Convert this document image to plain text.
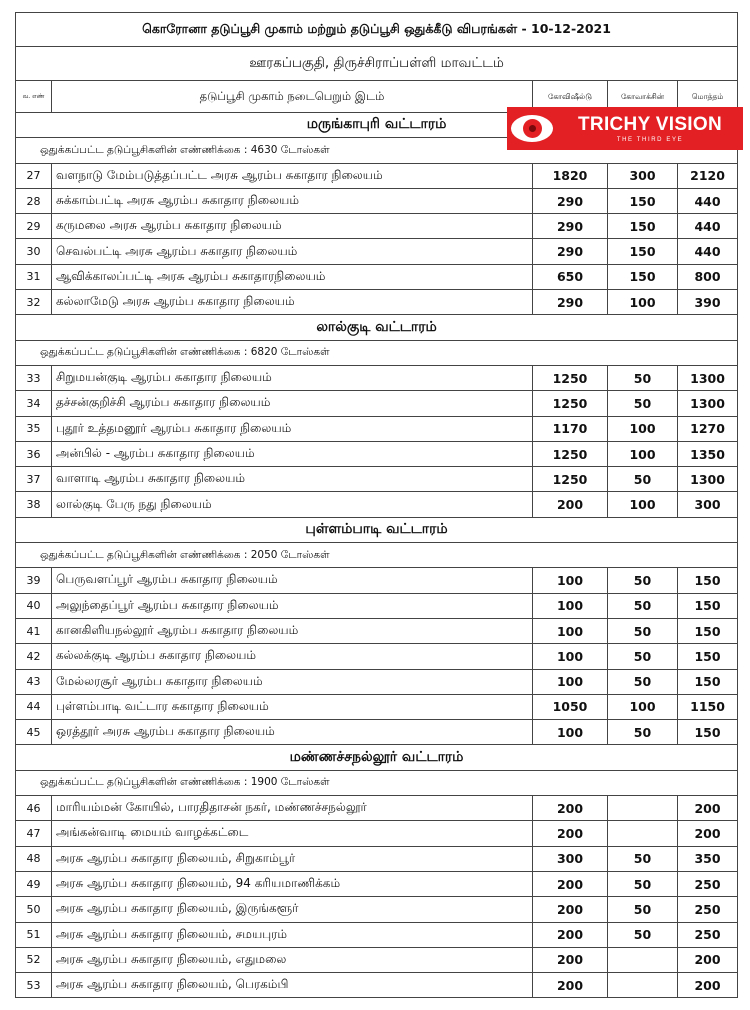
கொரோனா தடுப்பூசி முகாம் மற்றும் தடுப்பூசி ஒதுக்கீடு விபரங்கள் - 10-12-2021				
ஊரகப்பகுதி, திருச்சிராப்பள்ளி மாவட்டம்				
வ. எண்	தடுப்பூசி முகாம் நடைபெறும் இடம்	கோவிஷீல்டு	கோவாக்சின்	மொத்தம்
மருங்காபுரி வட்டாரம்				
ஒதுக்கப்பட்ட தடுப்பூசிகளின் எண்ணிக்கை : 4630 டோஸ்கள்				
27	வளநாடு மேம்படுத்தப்பட்ட அரசு ஆரம்ப சுகாதார நிலையம்	1820	300	2120
28	சுக்காம்பட்டி அரசு ஆரம்ப சுகாதார நிலையம்	290	150	440
29	கருமலை அரசு ஆரம்ப சுகாதார நிலையம்	290	150	440
30	செவல்பட்டி அரசு ஆரம்ப சுகாதார நிலையம்	290	150	440
31	ஆவிக்காலப்பட்டி அரசு ஆரம்ப சுகாதாரநிலையம்	650	150	800
32	கல்லாமேடு அரசு ஆரம்ப சுகாதார நிலையம்	290	100	390
லால்குடி வட்டாரம்				
ஒதுக்கப்பட்ட தடுப்பூசிகளின் எண்ணிக்கை : 6820 டோஸ்கள்				
33	சிறுமயன்குடி ஆரம்ப சுகாதார நிலையம்	1250	50	1300
34	தச்சன்குறிச்சி ஆரம்ப சுகாதார நிலையம்	1250	50	1300
35	புதூர் உத்தமனூர் ஆரம்ப சுகாதார நிலையம்	1170	100	1270
36	அன்பில் - ஆரம்ப சுகாதார நிலையம்	1250	100	1350
37	வாளாடி ஆரம்ப சுகாதார நிலையம்	1250	50	1300
38	லால்குடி பேரு நது நிலையம்	200	100	300
புள்ளம்பாடி வட்டாரம்				
ஒதுக்கப்பட்ட தடுப்பூசிகளின் எண்ணிக்கை : 2050 டோஸ்கள்				
39	பெருவளப்பூர் ஆரம்ப சுகாதார நிலையம்	100	50	150
40	அலுந்தைப்பூர் ஆரம்ப சுகாதார நிலையம்	100	50	150
41	கானகிளியநல்லூர் ஆரம்ப சுகாதார நிலையம்	100	50	150
42	கல்லக்குடி ஆரம்ப சுகாதார நிலையம்	100	50	150
43	மேல்லரசூர் ஆரம்ப சுகாதார நிலையம்	100	50	150
44	புள்ளம்பாடி வட்டார சுகாதார நிலையம்	1050	100	1150
45	ஒரத்தூர் அரசு ஆரம்ப சுகாதார நிலையம்	100	50	150
மண்ணச்சநல்லூர் வட்டாரம்				
ஒதுக்கப்பட்ட தடுப்பூசிகளின் எண்ணிக்கை : 1900 டோஸ்கள்				
46	மாரியம்மன் கோயில், பாரதிதாசன் நகர், மண்ணச்சநல்லூர்	200		200
47	அங்கன்வாடி மையம் வாழக்கட்டை	200		200
48	அரசு ஆரம்ப சுகாதார நிலையம், சிறுகாம்பூர்	300	50	350
49	அரசு ஆரம்ப சுகாதார நிலையம், 94 கரியமாணிக்கம்	200	50	250
50	அரசு ஆரம்ப சுகாதார நிலையம், இருங்களூர்	200	50	250
51	அரசு ஆரம்ப சுகாதார நிலையம், சமயபுரம்	200	50	250
52	அரசு ஆரம்ப சுகாதார நிலையம், எதுமலை	200		200
53	அரசு ஆரம்ப சுகாதார நிலையம், பெரகம்பி	200		200
TRICHY VISION
THE THIRD EYE
